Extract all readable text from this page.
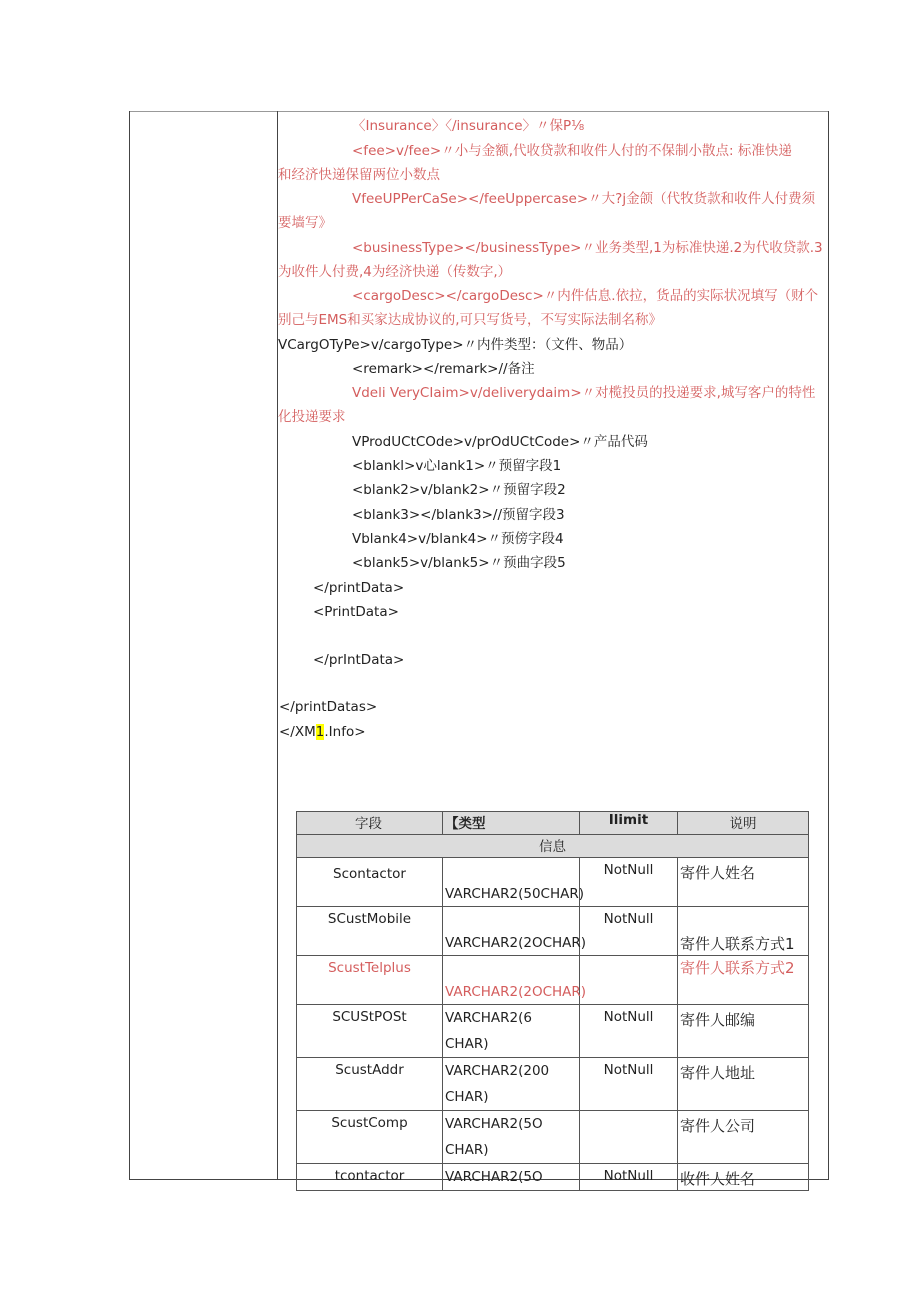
〈Insurance〉〈/insurance〉〃保P⅛
<fee>v/fee>〃小与金额,代收贷款和收件人付的不保制小散点: 标准快递
和经济快递保留两位小数点
VfeeUPPerCaSe></feeUppercase>〃大?j金颌（代牧货款和收件人付费须
要墙写》
<businessType></businessType>〃业务类型,1为标准快递.2为代收贷款.3
为收件人付费,4为经济快递（传数字,）
<cargoDesc></cargoDesc>〃内件估息.依拉，货品的实际状况填写（财个
别己与EMS和买家达成协议的,可只写货号，不写实际法制名称》
VCargOTyPe>v/cargoType>〃内件类型：（文件、物品）
<remark></remark>//备注
Vdeli VeryCIaim>v/deliverydaim>〃对榄投员的投递要求,城写客户的特性
化投递要求
VProdUCtCOde>v/prOdUCtCode>〃产品代码
<blankl>v心lank1>〃预留字段1
<blank2>v/blank2>〃预留字段2
<blank3></blank3>//预留字段3
Vblank4>v/blank4>〃预傍字段4
<blank5>v/blank5>〃预曲字段5
</printData>
<PrintData>
</prIntData>
</printDatas>
</XM1.Info>
字段	【类型	Ilimit	说明
信息			
Scontactor	VARCHAR2(50CHAR)	NotNull	寄件人姓名
SCustMobile	VARCHAR2(2OCHAR)	NotNull	寄件人联系方式1
ScustTelplus	VARCHAR2(2OCHAR)		寄件人联系方式2
SCUStPOSt	VARCHAR2(6 CHAR)	NotNull	寄件人邮编
ScustAddr	VARCHAR2(200 CHAR)	NotNull	寄件人地址
ScustComp	VARCHAR2(5O CHAR)		寄件人公司
tcontactor	VARCHAR2(5O	NotNull	收件人姓名
